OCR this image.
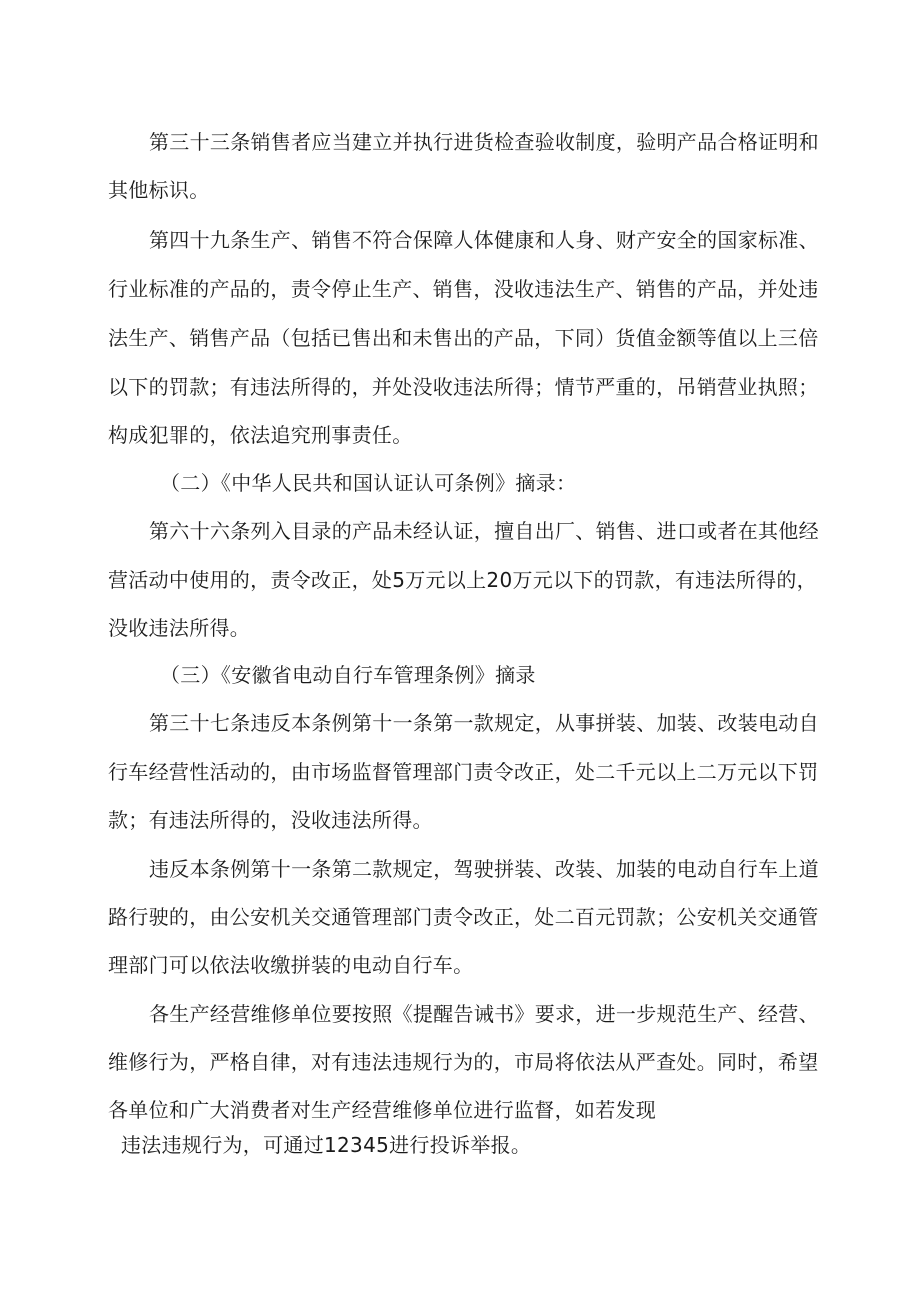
第三十三条销售者应当建立并执行进货检查验收制度，验明产品合格证明和
其他标识。
第四十九条生产、销售不符合保障人体健康和人身、财产安全的国家标准、
行业标准的产品的，责令停止生产、销售，没收违法生产、销售的产品，并处违
法生产、销售产品（包括已售出和未售出的产品，下同）货值金额等值以上三倍
以下的罚款；有违法所得的，并处没收违法所得；情节严重的，吊销营业执照；
构成犯罪的，依法追究刑事责任。
（二）《中华人民共和国认证认可条例》摘录：
第六十六条列入目录的产品未经认证，擅自出厂、销售、进口或者在其他经
营活动中使用的，责令改正，处5万元以上20万元以下的罚款，有违法所得的，
没收违法所得。
（三）《安徽省电动自行车管理条例》摘录
第三十七条违反本条例第十一条第一款规定，从事拼装、加装、改装电动自
行车经营性活动的，由市场监督管理部门责令改正，处二千元以上二万元以下罚
款；有违法所得的，没收违法所得。
违反本条例第十一条第二款规定，驾驶拼装、改装、加装的电动自行车上道
路行驶的，由公安机关交通管理部门责令改正，处二百元罚款；公安机关交通管
理部门可以依法收缴拼装的电动自行车。
各生产经营维修单位要按照《提醒告诫书》要求，进一步规范生产、经营、
维修行为，严格自律，对有违法违规行为的，市局将依法从严查处。同时，希望
各单位和广大消费者对生产经营维修单位进行监督，如若发现
违法违规行为，可通过12345进行投诉举报。
